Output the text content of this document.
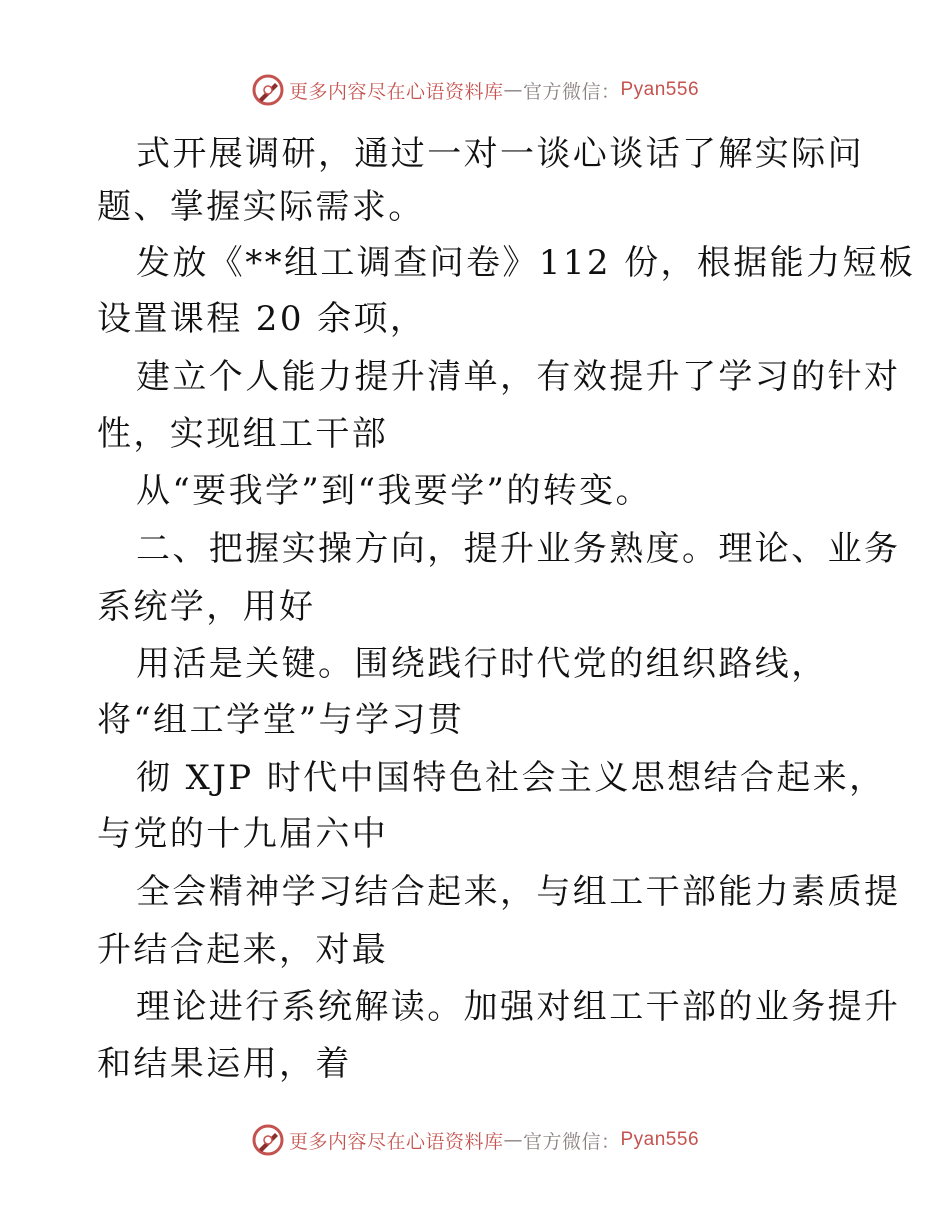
更多内容尽在心语资料库 — 官方微信： Pyan556
式开展调研，通过一对一谈心谈话了解实际问
题、掌握实际需求。
发放《**组工调查问卷》112 份，根据能力短板
设置课程 20 余项，
建立个人能力提升清单，有效提升了学习的针对
性，实现组工干部
从“要我学”到“我要学”的转变。
二、把握实操方向，提升业务熟度。理论、业务
系统学，用好
用活是关键。围绕践行时代党的组织路线，
将“组工学堂”与学习贯
彻 XJP 时代中国特色社会主义思想结合起来，
与党的十九届六中
全会精神学习结合起来，与组工干部能力素质提
升结合起来，对最
理论进行系统解读。加强对组工干部的业务提升
和结果运用，着
更多内容尽在心语资料库 — 官方微信： Pyan556
